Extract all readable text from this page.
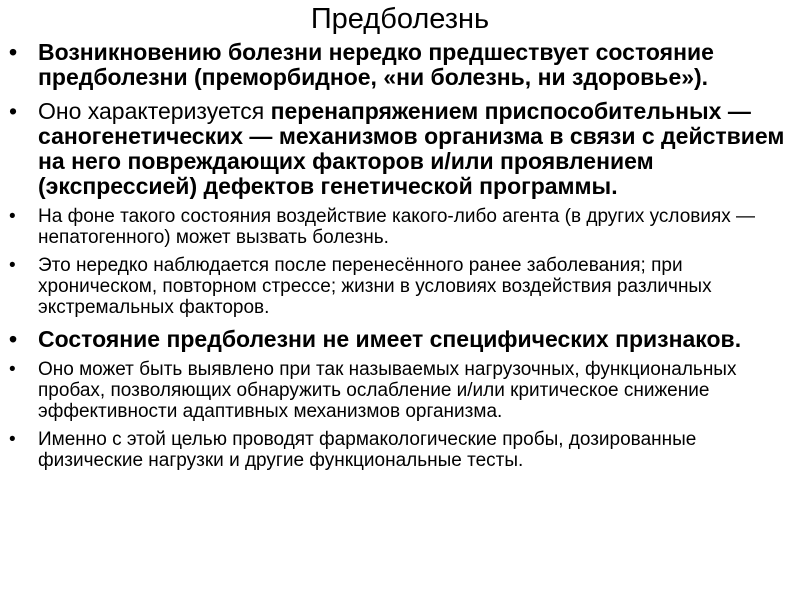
Предболезнь
• Возникновению болезни нередко предшествует состояние предболезни (преморбидное, «ни болезнь, ни здоровье»).
• Оно характеризуется перенапряжением приспособительных — саногенетических — механизмов организма в связи с действием на него повреждающих факторов и/или проявлением (экспрессией) дефектов генетической программы.
• На фоне такого состояния воздействие какого-либо агента (в других условиях — непатогенного) может вызвать болезнь.
• Это нередко наблюдается после перенесённого ранее заболевания; при хроническом, повторном стрессе; жизни в условиях воздействия различных экстремальных факторов.
• Состояние предболезни не имеет специфических признаков.
• Оно может быть выявлено при так называемых нагрузочных, функциональных пробах, позволяющих обнаружить ослабление и/или критическое снижение эффективности адаптивных механизмов организма.
• Именно с этой целью проводят фармакологические пробы, дозированные физические нагрузки и другие функциональные тесты.
